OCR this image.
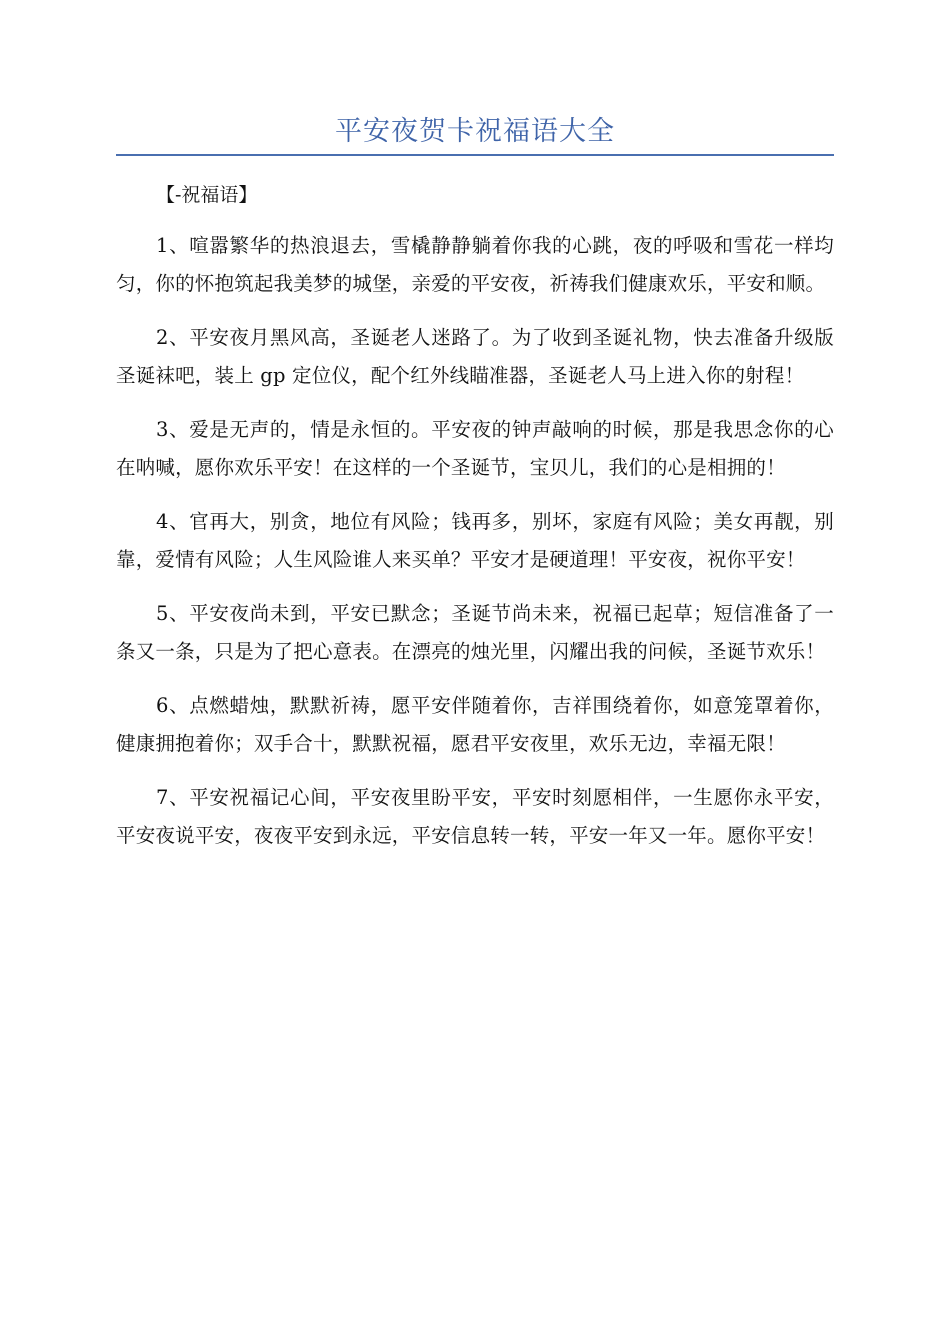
平安夜贺卡祝福语大全

【-祝福语】

1、喧嚣繁华的热浪退去，雪橇静静躺着你我的心跳，夜的呼吸和雪花一样均匀，你的怀抱筑起我美梦的城堡，亲爱的平安夜，祈祷我们健康欢乐，平安和顺。

2、平安夜月黑风高，圣诞老人迷路了。为了收到圣诞礼物，快去准备升级版圣诞袜吧，装上 gp 定位仪，配个红外线瞄准器，圣诞老人马上进入你的射程！

3、爱是无声的，情是永恒的。平安夜的钟声敲响的时候，那是我思念你的心在呐喊，愿你欢乐平安！在这样的一个圣诞节，宝贝儿，我们的心是相拥的！

4、官再大，别贪，地位有风险；钱再多，别坏，家庭有风险；美女再靓，别靠，爱情有风险；人生风险谁人来买单？平安才是硬道理！平安夜，祝你平安！

5、平安夜尚未到，平安已默念；圣诞节尚未来，祝福已起草；短信准备了一条又一条，只是为了把心意表。在漂亮的烛光里，闪耀出我的问候，圣诞节欢乐！

6、点燃蜡烛，默默祈祷，愿平安伴随着你，吉祥围绕着你，如意笼罩着你，健康拥抱着你；双手合十，默默祝福，愿君平安夜里，欢乐无边，幸福无限！

7、平安祝福记心间，平安夜里盼平安，平安时刻愿相伴，一生愿你永平安，平安夜说平安，夜夜平安到永远，平安信息转一转，平安一年又一年。愿你平安！
